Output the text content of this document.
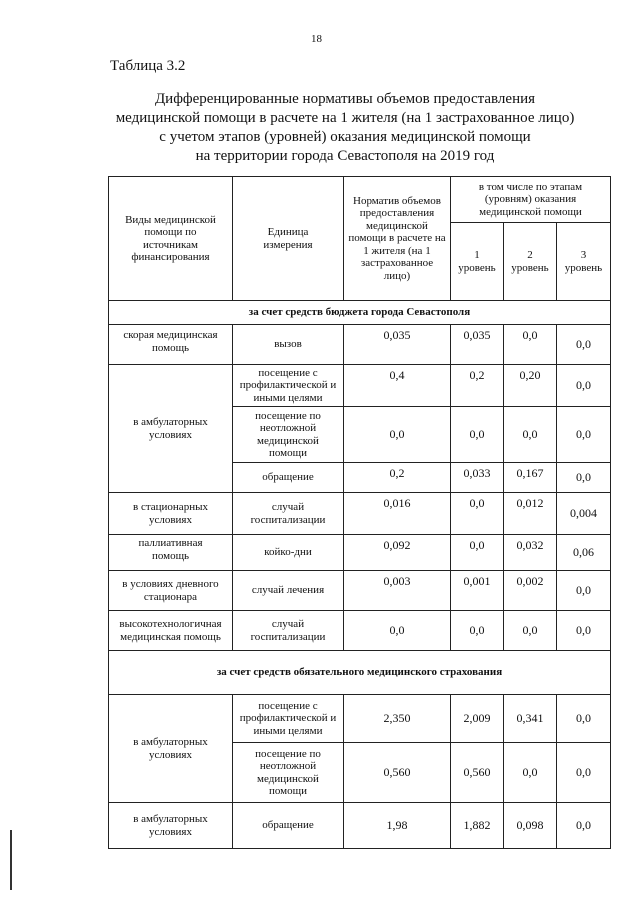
18
Таблица 3.2
Дифференцированные нормативы объемов предоставления
медицинской помощи в расчете на 1 жителя (на 1 застрахованное лицо)
с учетом этапов (уровней) оказания медицинской помощи
на территории города Севастополя на 2019 год
Виды медицинской помощи по источникам финансирования	Единица измерения	Норматив объемов предоставления медицинской помощи в расчете на 1 жителя (на 1 застрахованное лицо)	в том числе по этапам (уровням) оказания медицинской помощи		
			1 уровень	2 уровень	3 уровень
за счет средств бюджета города Севастополя					
скорая медицинская помощь	вызов	0,035	0,035	0,0	0,0
в амбулаторных условиях	посещение с профилактической и иными целями	0,4	0,2	0,20	0,0
	посещение по неотложной медицинской помощи	0,0	0,0	0,0	0,0
	обращение	0,2	0,033	0,167	0,0
в стационарных условиях	случай госпитализации	0,016	0,0	0,012	0,004
паллиативная помощь	койко-дни	0,092	0,0	0,032	0,06
в условиях дневного стационара	случай лечения	0,003	0,001	0,002	0,0
высокотехнологичная медицинская помощь	случай госпитализации	0,0	0,0	0,0	0,0
за счет средств обязательного медицинского страхования					
в амбулаторных условиях	посещение с профилактической и иными целями	2,350	2,009	0,341	0,0
	посещение по неотложной медицинской помощи	0,560	0,560	0,0	0,0
в амбулаторных условиях	обращение	1,98	1,882	0,098	0,0
